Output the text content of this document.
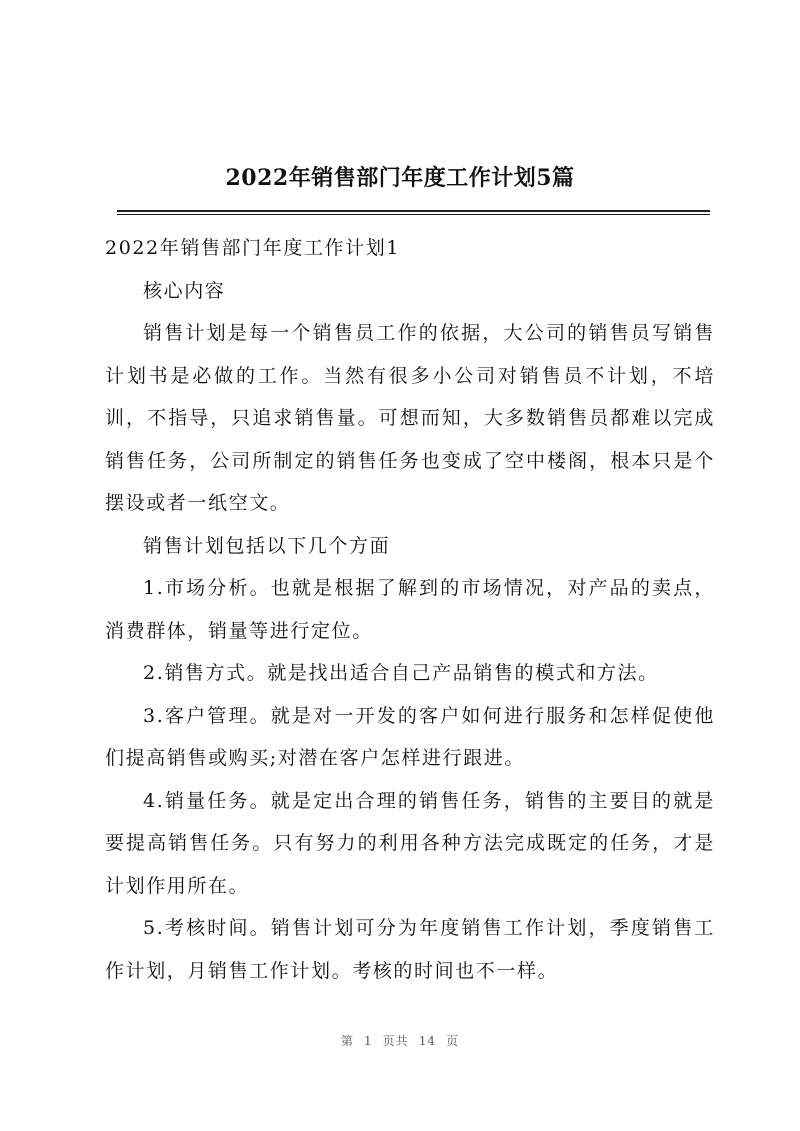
2022年销售部门年度工作计划5篇

2022年销售部门年度工作计划1

核心内容

销售计划是每一个销售员工作的依据，大公司的销售员写销售计划书是必做的工作。当然有很多小公司对销售员不计划，不培训，不指导，只追求销售量。可想而知，大多数销售员都难以完成销售任务，公司所制定的销售任务也变成了空中楼阁，根本只是个摆设或者一纸空文。

销售计划包括以下几个方面

1.市场分析。也就是根据了解到的市场情况，对产品的卖点，消费群体，销量等进行定位。

2.销售方式。就是找出适合自己产品销售的模式和方法。

3.客户管理。就是对一开发的客户如何进行服务和怎样促使他们提高销售或购买;对潜在客户怎样进行跟进。

4.销量任务。就是定出合理的销售任务，销售的主要目的就是要提高销售任务。只有努力的利用各种方法完成既定的任务，才是计划作用所在。

5.考核时间。销售计划可分为年度销售工作计划，季度销售工作计划，月销售工作计划。考核的时间也不一样。

第 1 页共 14 页
